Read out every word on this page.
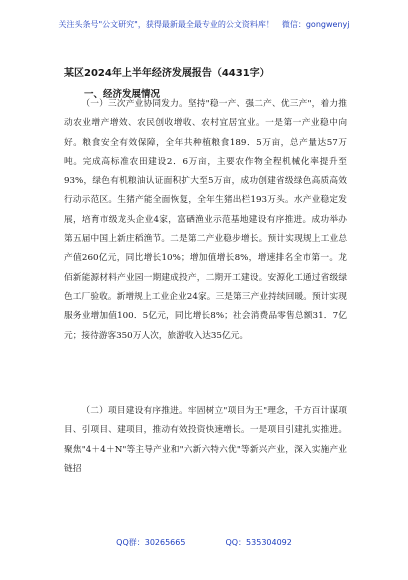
关注头条号"公文研究"，获得最新最全最专业的公文资料库！ 微信：gongwenyj
某区2024年上半年经济发展报告（4431字）
一、经济发展情况

（一）三次产业协同发力。坚持"稳一产、强二产、优三产"，着力推动农业增产增效、农民创收增收、农村宜居宜业。一是第一产业稳中向好。粮食安全有效保障，全年共种植粮食189．5万亩，总产量达57万吨。完成高标准农田建设2．6万亩，主要农作物全程机械化率提升至93%，绿色有机粮油认证面积扩大至5万亩，成功创建省级绿色高质高效行动示范区。生猪产能全面恢复，全年生猪出栏193万头。水产业稳定发展，培育市级龙头企业4家，富硒渔业示范基地建设有序推进。成功举办第五届中国上新庄稻渔节。二是第二产业稳步增长。预计实现规上工业总产值260亿元，同比增长10%；增加值增长8%，增速排名全市第一。龙佰新能源材料产业园一期建成投产，二期开工建设。安源化工通过省级绿色工厂验收。新增规上工业企业24家。三是第三产业持续回暖。预计实现服务业增加值100．5亿元，同比增长8%；社会消费品零售总额31．7亿元；接待游客350万人次，旅游收入达35亿元。

（二）项目建设有序推进。牢固树立"项目为王"理念，千方百计谋项目、引项目、建项目，推动有效投资快速增长。一是项目引建扎实推进。聚焦"4＋4＋N"等主导产业和"六新六特六优"等新兴产业，深入实施产业链招

QQ群：30265665	QQ：535304092
